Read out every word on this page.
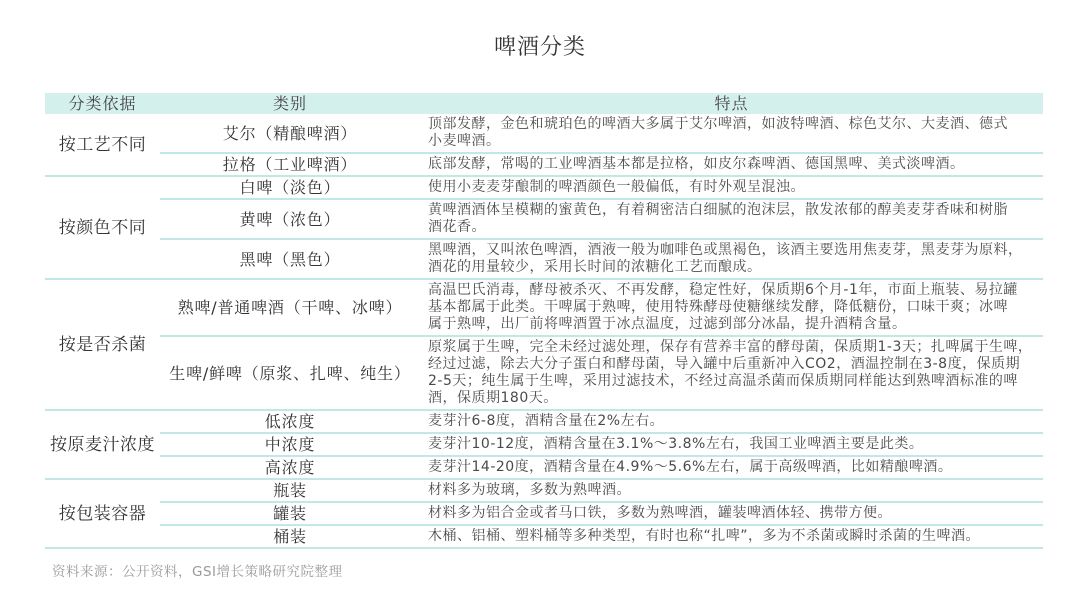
啤酒分类
分类依据	类别	特点
按工艺不同	艾尔（精酿啤酒）	顶部发酵，金色和琥珀色的啤酒大多属于艾尔啤酒，如波特啤酒、棕色艾尔、大麦酒、德式
小麦啤酒。

	拉格（工业啤酒）	底部发酵，常喝的工业啤酒基本都是拉格，如皮尔森啤酒、德国黑啤、美式淡啤酒。

按颜色不同	白啤（淡色）	使用小麦麦芽酿制的啤酒颜色一般偏低，有时外观呈混浊。

	黄啤（浓色）	黄啤酒酒体呈模糊的蜜黄色，有着稠密洁白细腻的泡沫层，散发浓郁的醇美麦芽香味和树脂
酒花香。

	黑啤（黑色）	黑啤酒，又叫浓色啤酒，酒液一般为咖啡色或黑褐色，该酒主要选用焦麦芽，黑麦芽为原料，
酒花的用量较少，采用长时间的浓糖化工艺而酿成。

按是否杀菌	熟啤/普通啤酒（干啤、冰啤）	高温巴氏消毒，酵母被杀灭、不再发酵，稳定性好，保质期6个月-1年，市面上瓶装、易拉罐
基本都属于此类。干啤属于熟啤，使用特殊酵母使糖继续发酵，降低糖份，口味干爽；冰啤
属于熟啤，出厂前将啤酒置于冰点温度，过滤到部分冰晶，提升酒精含量。

	生啤/鲜啤（原浆、扎啤、纯生）	原浆属于生啤，完全未经过滤处理，保存有营养丰富的酵母菌，保质期1-3天；扎啤属于生啤，
经过过滤，除去大分子蛋白和酵母菌，导入罐中后重新冲入CO2，酒温控制在3-8度，保质期
2-5天；纯生属于生啤，采用过滤技术，不经过高温杀菌而保质期同样能达到熟啤酒标准的啤
酒，保质期180天。

按原麦汁浓度	低浓度	麦芽汁6-8度，酒精含量在2%左右。

	中浓度	麦芽汁10-12度，酒精含量在3.1%～3.8%左右，我国工业啤酒主要是此类。

	高浓度	麦芽汁14-20度，酒精含量在4.9%～5.6%左右，属于高级啤酒，比如精酿啤酒。

按包装容器	瓶装	材料多为玻璃，多数为熟啤酒。

	罐装	材料多为铝合金或者马口铁，多数为熟啤酒，罐装啤酒体轻、携带方便。

	桶装	木桶、铝桶、塑料桶等多种类型，有时也称“扎啤”，多为不杀菌或瞬时杀菌的生啤酒。
资料来源：公开资料，GSI增长策略研究院整理
